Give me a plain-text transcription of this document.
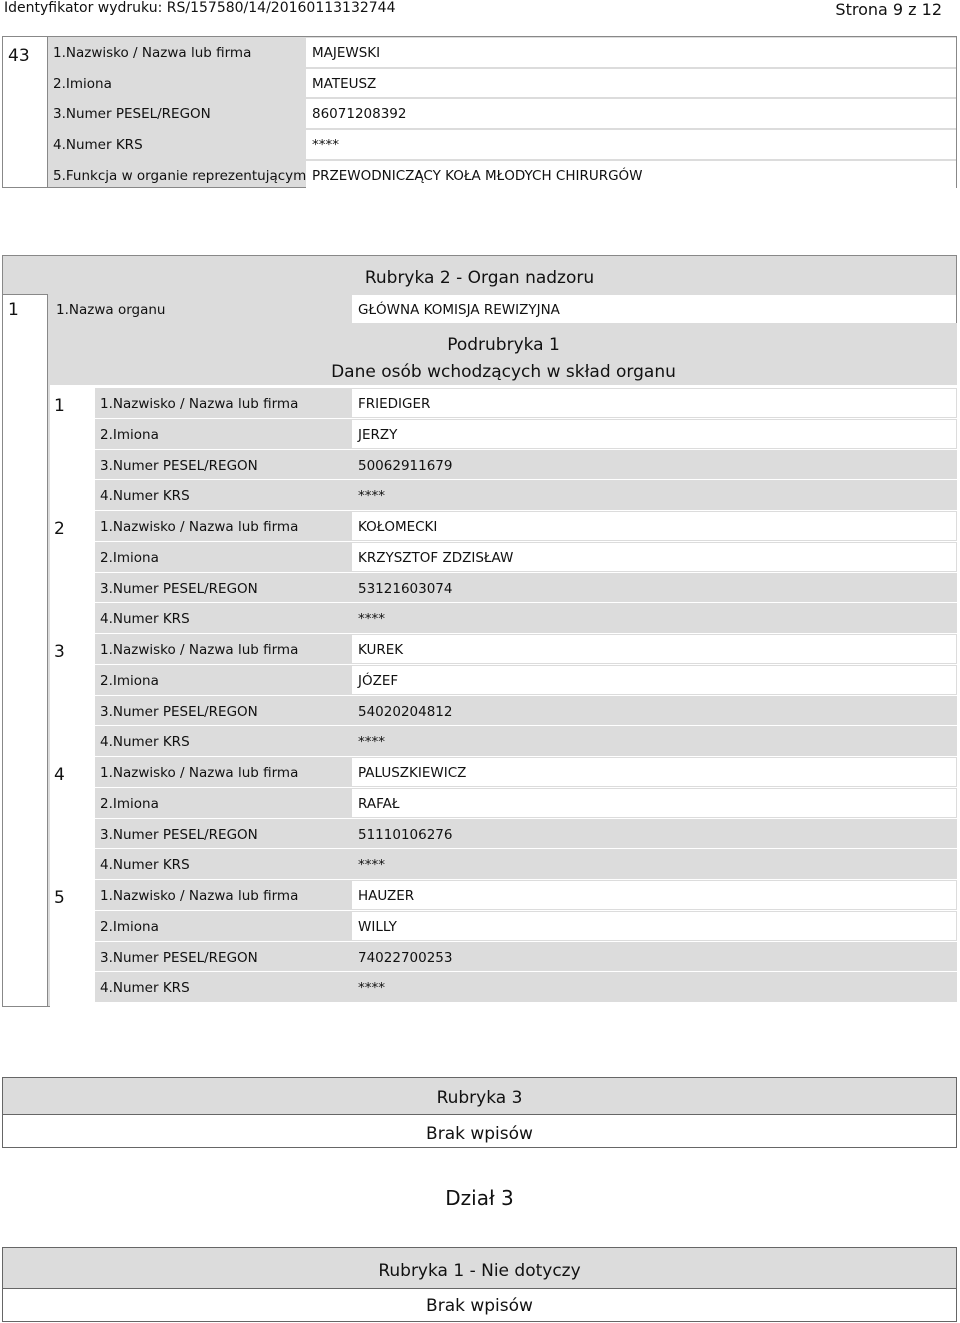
Identyfikator wydruku: RS/157580/14/20160113132744	Strona 9 z 12
43 1.Nazwisko / Nazwa lub firma	MAJEWSKI
2.Imiona	MATEUSZ
3.Numer PESEL/REGON	86071208392
4.Numer KRS	****
5.Funkcja w organie reprezentującym PRZEWODNICZĄCY KOŁA MŁODYCH CHIRURGÓW
Rubryka 2 - Organ nadzoru
1	1.Nazwa organu	GŁÓWNA KOMISJA REWIZYJNA
Podrubryka 1
Dane osób wchodzących w skład organu
1	1.Nazwisko / Nazwa lub firma	FRIEDIGER
2.Imiona	JERZY
3.Numer PESEL/REGON	50062911679
4.Numer KRS	****
2	1.Nazwisko / Nazwa lub firma	KOŁOMECKI
2.Imiona	KRZYSZTOF ZDZISŁAW
3.Numer PESEL/REGON	53121603074
4.Numer KRS	****
3	1.Nazwisko / Nazwa lub firma	KUREK
2.Imiona	JÓZEF
3.Numer PESEL/REGON	54020204812
4.Numer KRS	****
4	1.Nazwisko / Nazwa lub firma	PALUSZKIEWICZ
2.Imiona	RAFAŁ
3.Numer PESEL/REGON	51110106276
4.Numer KRS	****
5	1.Nazwisko / Nazwa lub firma	HAUZER
2.Imiona	WILLY
3.Numer PESEL/REGON	74022700253
4.Numer KRS	****
Rubryka 3
Brak wpisów
Dział 3
Rubryka 1 - Nie dotyczy
Brak wpisów
